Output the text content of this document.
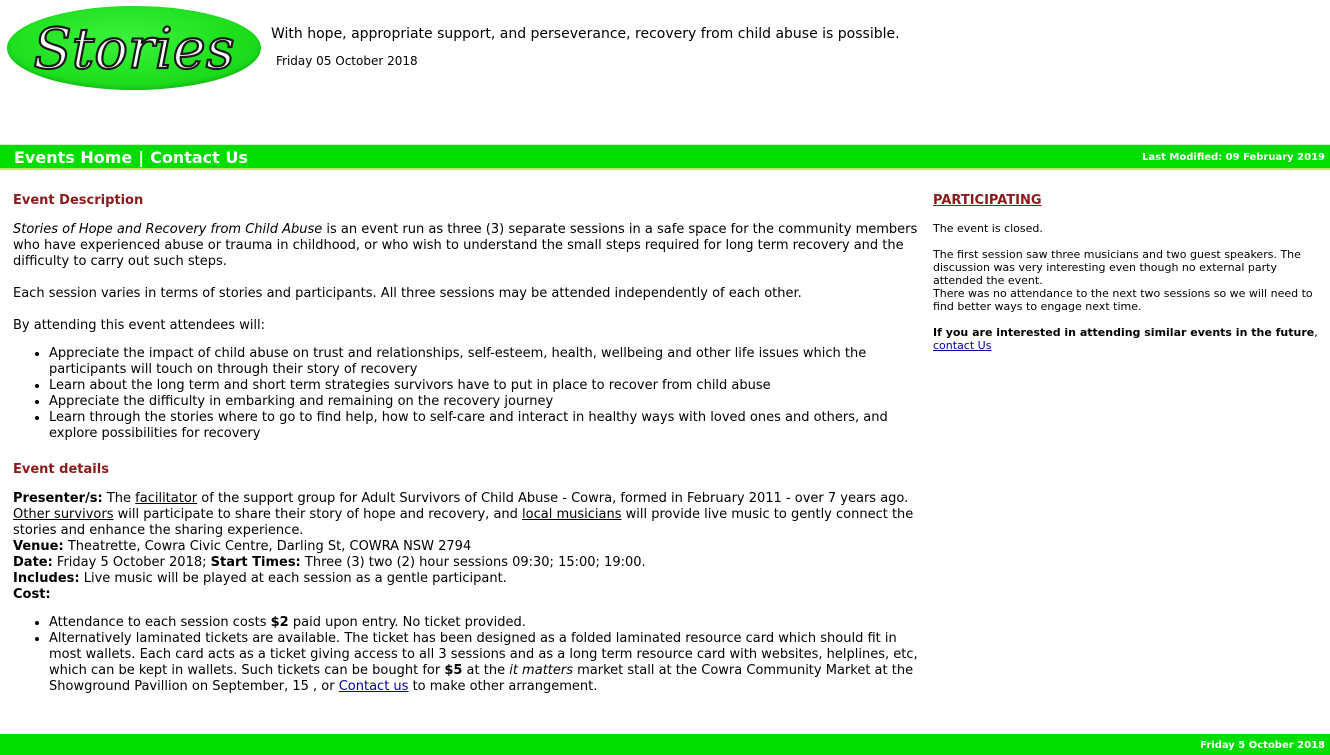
Stories	With hope, appropriate support, and perseverance, recovery from child abuse is possible.
Friday 05 October 2018
Events Home | Contact Us	Last Modified: 09 February 2019
Event Description

Stories of Hope and Recovery from Child Abuse is an event run as three (3) separate sessions in a safe space for the community members who have experienced abuse or trauma in childhood, or who wish to understand the small steps required for long term recovery and the difficulty to carry out such steps.

Each session varies in terms of stories and participants. All three sessions may be attended independently of each other.

By attending this event attendees will:

• Appreciate the impact of child abuse on trust and relationships, self-esteem, health, wellbeing and other life issues which the participants will touch on through their story of recovery
• Learn about the long term and short term strategies survivors have to put in place to recover from child abuse
• Appreciate the difficulty in embarking and remaining on the recovery journey
• Learn through the stories where to go to find help, how to self-care and interact in healthy ways with loved ones and others, and explore possibilities for recovery
Event details

Presenter/s: The facilitator of the support group for Adult Survivors of Child Abuse - Cowra, formed in February 2011 - over 7 years ago. Other survivors will participate to share their story of hope and recovery, and local musicians will provide live music to gently connect the stories and enhance the sharing experience.

Venue: Theatrette, Cowra Civic Centre, Darling St, COWRA NSW 2794

Date: Friday 5 October 2018; Start Times: Three (3) two (2) hour sessions 09:30; 15:00; 19:00.

Includes: Live music will be played at each session as a gentle participant.

Cost:

• Attendance to each session costs $2 paid upon entry. No ticket provided.
• Alternatively laminated tickets are available. The ticket has been designed as a folded laminated resource card which should fit in most wallets. Each card acts as a ticket giving access to all 3 sessions and as a long term resource card with websites, helplines, etc, which can be kept in wallets. Such tickets can be bought for $5 at the it matters market stall at the Cowra Community Market at the Showground Pavillion on September, 15 , or Contact us to make other arrangement.
PARTICIPATING

The event is closed.

The first session saw three musicians and two guest speakers. The discussion was very interesting even though no external party attended the event.

There was no attendance to the next two sessions so we will need to find better ways to engage next time.

If you are interested in attending similar events in the future, contact Us

Friday 5 October 2018
